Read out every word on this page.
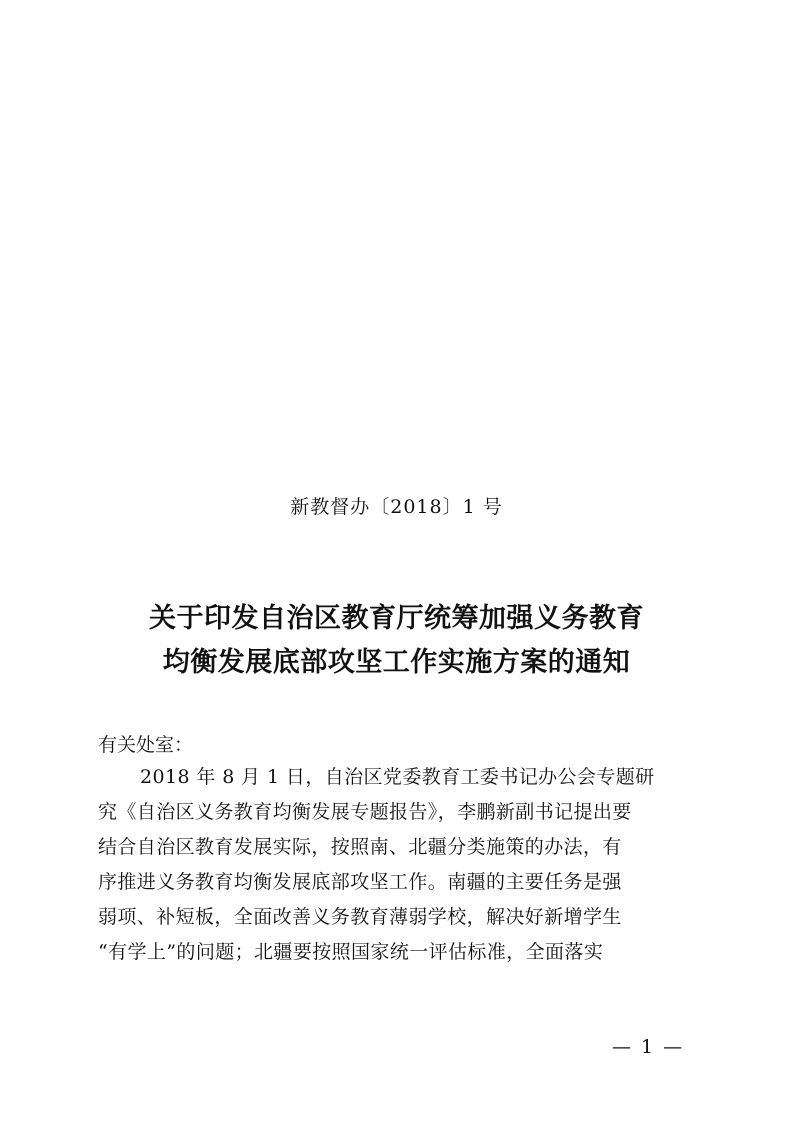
新教督办〔2018〕1 号
关于印发自治区教育厅统筹加强义务教育
均衡发展底部攻坚工作实施方案的通知
有关处室：
2018 年 8 月 1 日，自治区党委教育工委书记办公会专题研
究《自治区义务教育均衡发展专题报告》，李鹏新副书记提出要
结合自治区教育发展实际，按照南、北疆分类施策的办法，有
序推进义务教育均衡发展底部攻坚工作。南疆的主要任务是强
弱项、补短板，全面改善义务教育薄弱学校，解决好新增学生
“有学上”的问题；北疆要按照国家统一评估标准，全面落实
— 1 —
